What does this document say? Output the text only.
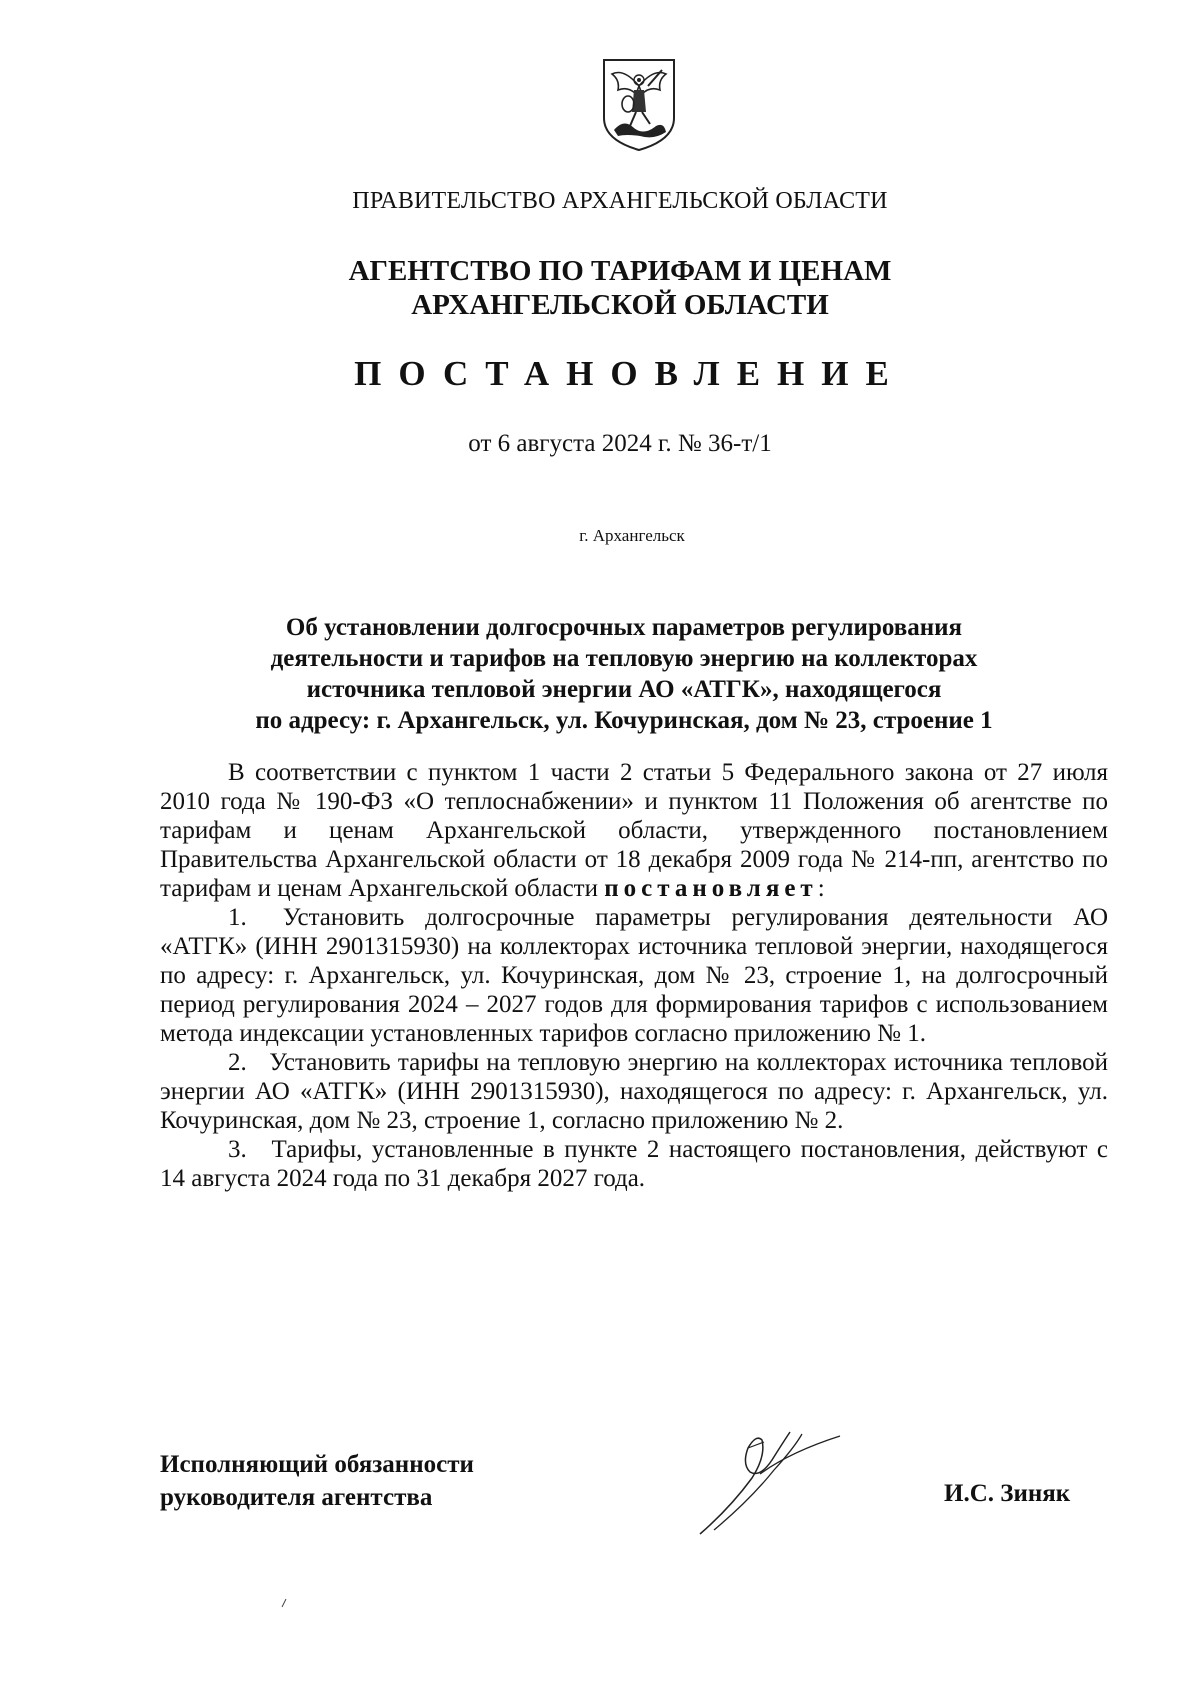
ПРАВИТЕЛЬСТВО АРХАНГЕЛЬСКОЙ ОБЛАСТИ
АГЕНТСТВО ПО ТАРИФАМ И ЦЕНАМ
АРХАНГЕЛЬСКОЙ ОБЛАСТИ
ПОСТАНОВЛЕНИЕ
от 6 августа 2024 г. № 36-т/1
г. Архангельск
Об установлении долгосрочных параметров регулирования
деятельности и тарифов на тепловую энергию на коллекторах
источника тепловой энергии АО «АТГК», находящегося
по адресу: г. Архангельск, ул. Кочуринская, дом № 23, строение 1

В соответствии с пунктом 1 части 2 статьи 5 Федерального закона от 27 июля 2010 года № 190-ФЗ «О теплоснабжении» и пунктом 11 Положения об агентстве по тарифам и ценам Архангельской области, утвержденного постановлением Правительства Архангельской области от 18 декабря 2009 года № 214-пп, агентство по тарифам и ценам Архангельской области постановляет:

1. Установить долгосрочные параметры регулирования деятельности АО «АТГК» (ИНН 2901315930) на коллекторах источника тепловой энергии, находящегося по адресу: г. Архангельск, ул. Кочуринская, дом № 23, строение 1, на долгосрочный период регулирования 2024 – 2027 годов для формирования тарифов с использованием метода индексации установленных тарифов согласно приложению № 1.

2. Установить тарифы на тепловую энергию на коллекторах источника тепловой энергии АО «АТГК» (ИНН 2901315930), находящегося по адресу: г. Архангельск, ул. Кочуринская, дом № 23, строение 1, согласно приложению № 2.

3. Тарифы, установленные в пункте 2 настоящего постановления, действуют с 14 августа 2024 года по 31 декабря 2027 года.

Исполняющий обязанности
руководителя агентства	И.С. Зиняк
